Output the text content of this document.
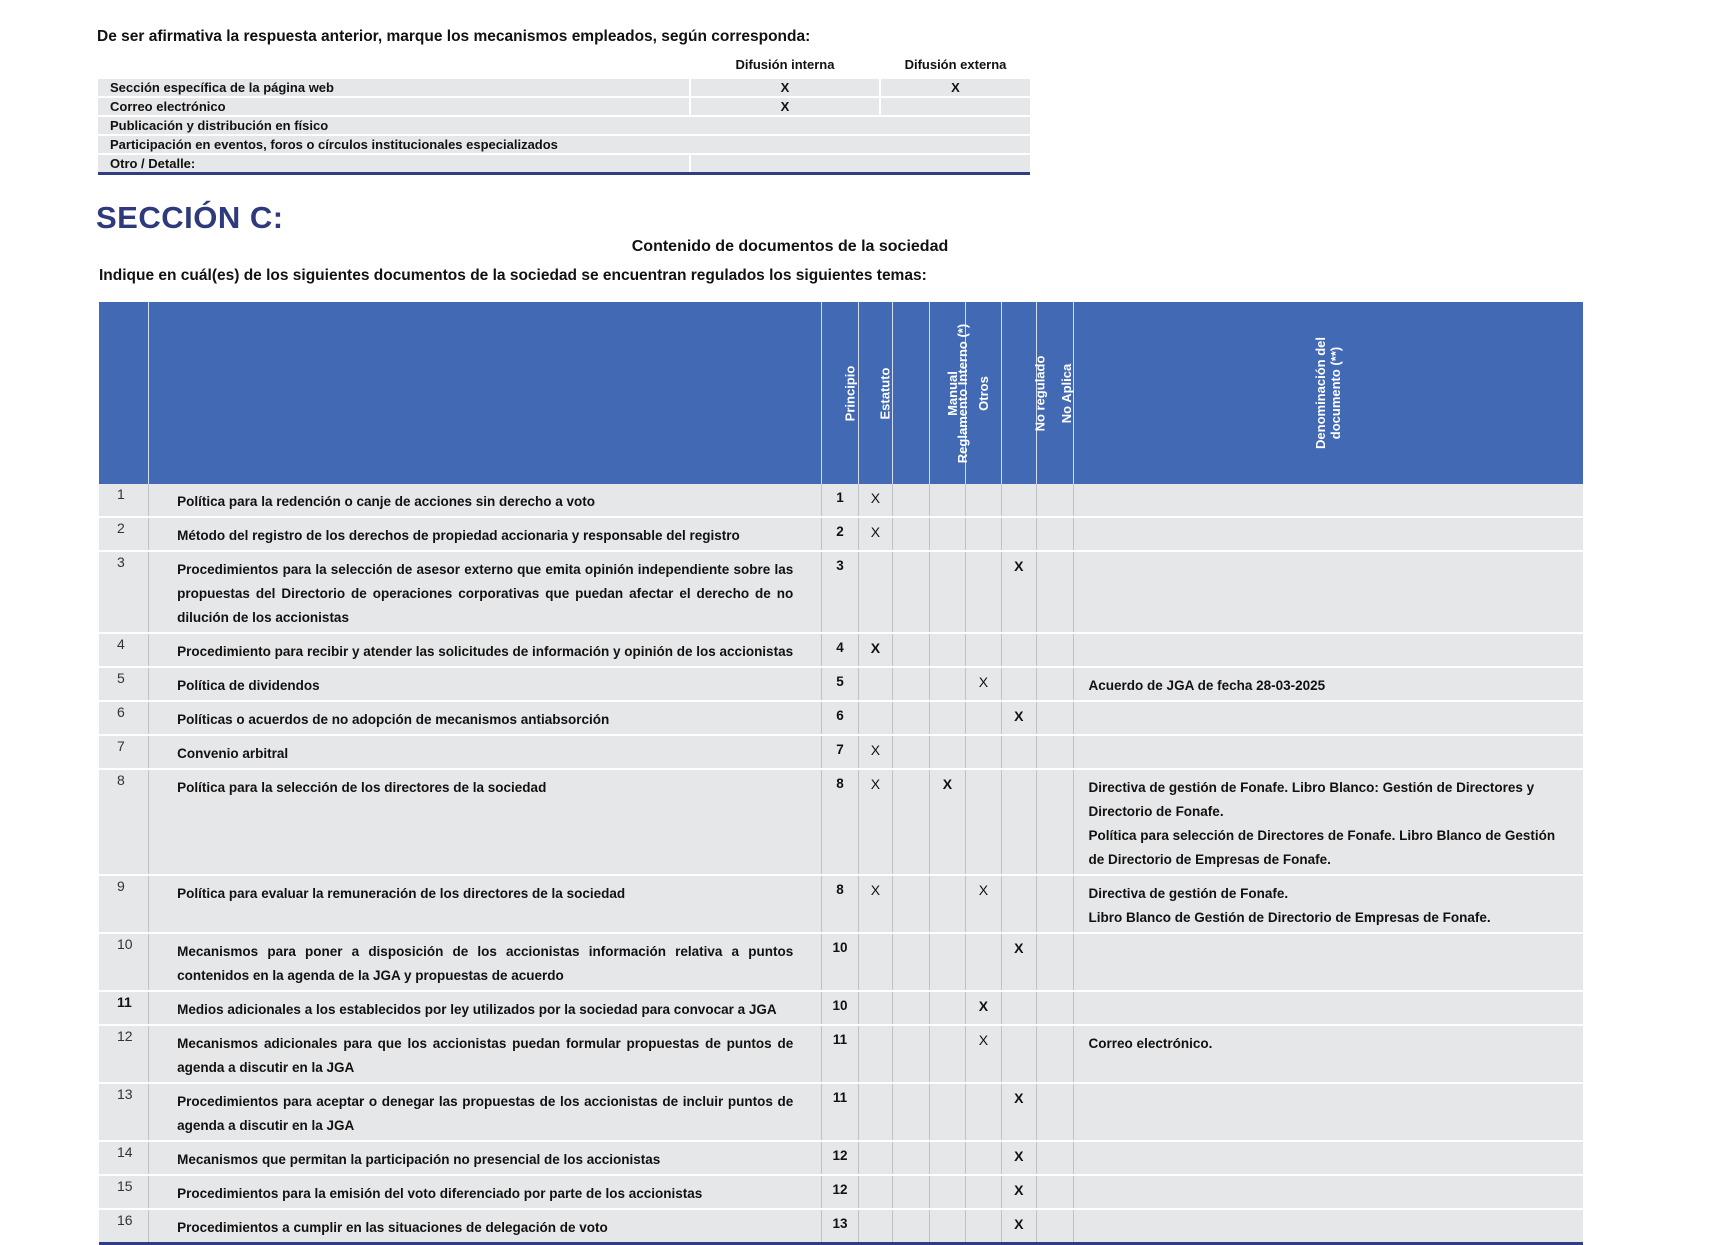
De ser afirmativa la respuesta anterior, marque los mecanismos empleados, según corresponda:
	Difusión interna	Difusión externa
Sección específica de la página web	X	X
Correo electrónico	X	
Publicación y distribución en físico		
Participación en eventos, foros o círculos institucionales especializados		
Otro / Detalle:		
SECCIÓN C:
Contenido de documentos de la sociedad
Indique en cuál(es) de los siguientes documentos de la sociedad se encuentran regulados los siguientes temas:
		Principio	Estatuto	Reglamento Interno (*)	Manual	Otros	No regulado	No Aplica	Denominación del documento (**)
1	Política para la redención o canje de acciones sin derecho a voto	1	X						

2	Método del registro de los derechos de propiedad accionaria y responsable del registro	2	X						

3	Procedimientos para la selección de asesor externo que emita opinión independiente sobre las propuestas del Directorio de operaciones corporativas que puedan afectar el derecho de no dilución de los accionistas	3					X		

4	Procedimiento para recibir y atender las solicitudes de información y opinión de los accionistas	4	X						

5	Política de dividendos	5				X			Acuerdo de JGA de fecha 28-03-2025

6	Políticas o acuerdos de no adopción de mecanismos antiabsorción	6					X		

7	Convenio arbitral	7	X						

8	Política para la selección de los directores de la sociedad	8	X		X				Directiva de gestión de Fonafe. Libro Blanco: Gestión de Directores y Directorio de Fonafe.
Política para selección de Directores de Fonafe. Libro Blanco de Gestión de Directorio de Empresas de Fonafe.

9	Política para evaluar la remuneración de los directores de la sociedad	8	X			X			Directiva de gestión de Fonafe.
Libro Blanco de Gestión de Directorio de Empresas de Fonafe.

10	Mecanismos para poner a disposición de los accionistas información relativa a puntos contenidos en la agenda de la JGA y propuestas de acuerdo	10					X		

11	Medios adicionales a los establecidos por ley utilizados por la sociedad para convocar a JGA	10				X			

12	Mecanismos adicionales para que los accionistas puedan formular propuestas de puntos de agenda a discutir en la JGA	11				X			Correo electrónico.

13	Procedimientos para aceptar o denegar las propuestas de los accionistas de incluir puntos de agenda a discutir en la JGA	11					X		

14	Mecanismos que permitan la participación no presencial de los accionistas	12					X		

15	Procedimientos para la emisión del voto diferenciado por parte de los accionistas	12					X		

16	Procedimientos a cumplir en las situaciones de delegación de voto	13					X		
